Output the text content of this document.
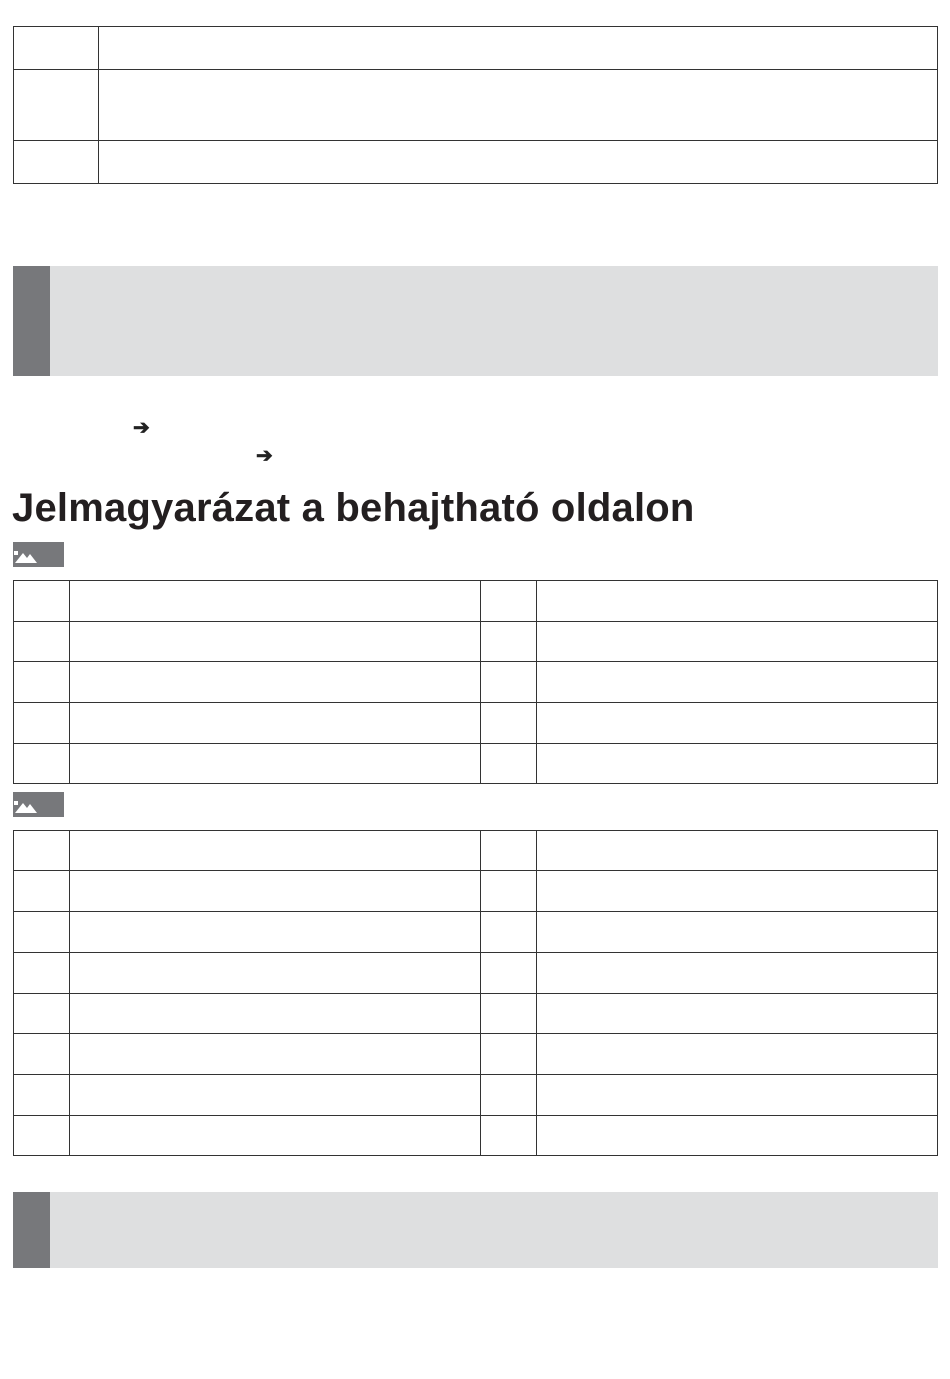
➔
➔
Jelmagyarázat a behajtható oldalon
